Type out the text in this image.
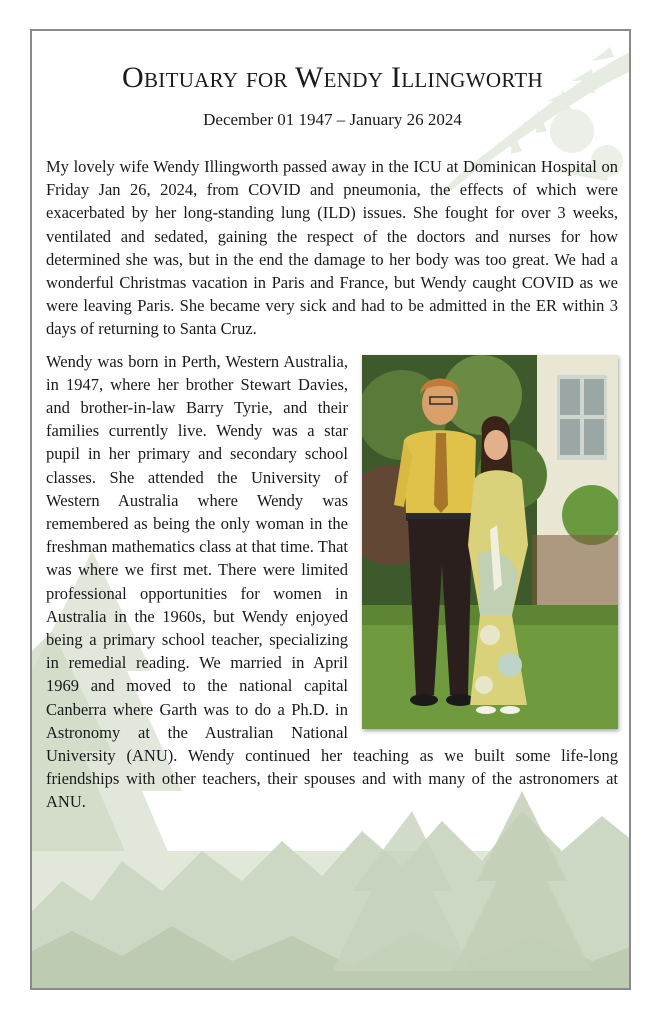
Obituary for Wendy Illingworth
December 01 1947 – January 26 2024

My lovely wife Wendy Illingworth passed away in the ICU at Dominican Hospital on Friday Jan 26, 2024, from COVID and pneumonia, the effects of which were exacerbated by her long-standing lung (ILD) issues. She fought for over 3 weeks, ventilated and sedated, gaining the respect of the doctors and nurses for how determined she was, but in the end the damage to her body was too great. We had a wonderful Christmas vacation in Paris and France, but Wendy caught COVID as we were leaving Paris. She became very sick and had to be admitted in the ER within 3 days of returning to Santa Cruz.

Wendy was born in Perth, Western Australia, in 1947, where her brother Stewart Davies, and brother-in-law Barry Tyrie, and their families currently live. Wendy was a star pupil in her primary and secondary school classes. She attended the University of Western Australia where Wendy was remembered as being the only woman in the freshman mathematics class at that time. That was where we first met. There were limited professional opportunities for women in Australia in the 1960s, but Wendy enjoyed being a primary school teacher, specializing in remedial reading. We married in April 1969 and moved to the national capital Canberra where Garth was to do a Ph.D. in Astronomy at the Australian National University (ANU). Wendy continued her teaching as we built some life-long friendships with other teachers, their spouses and with many of the astronomers at ANU.
